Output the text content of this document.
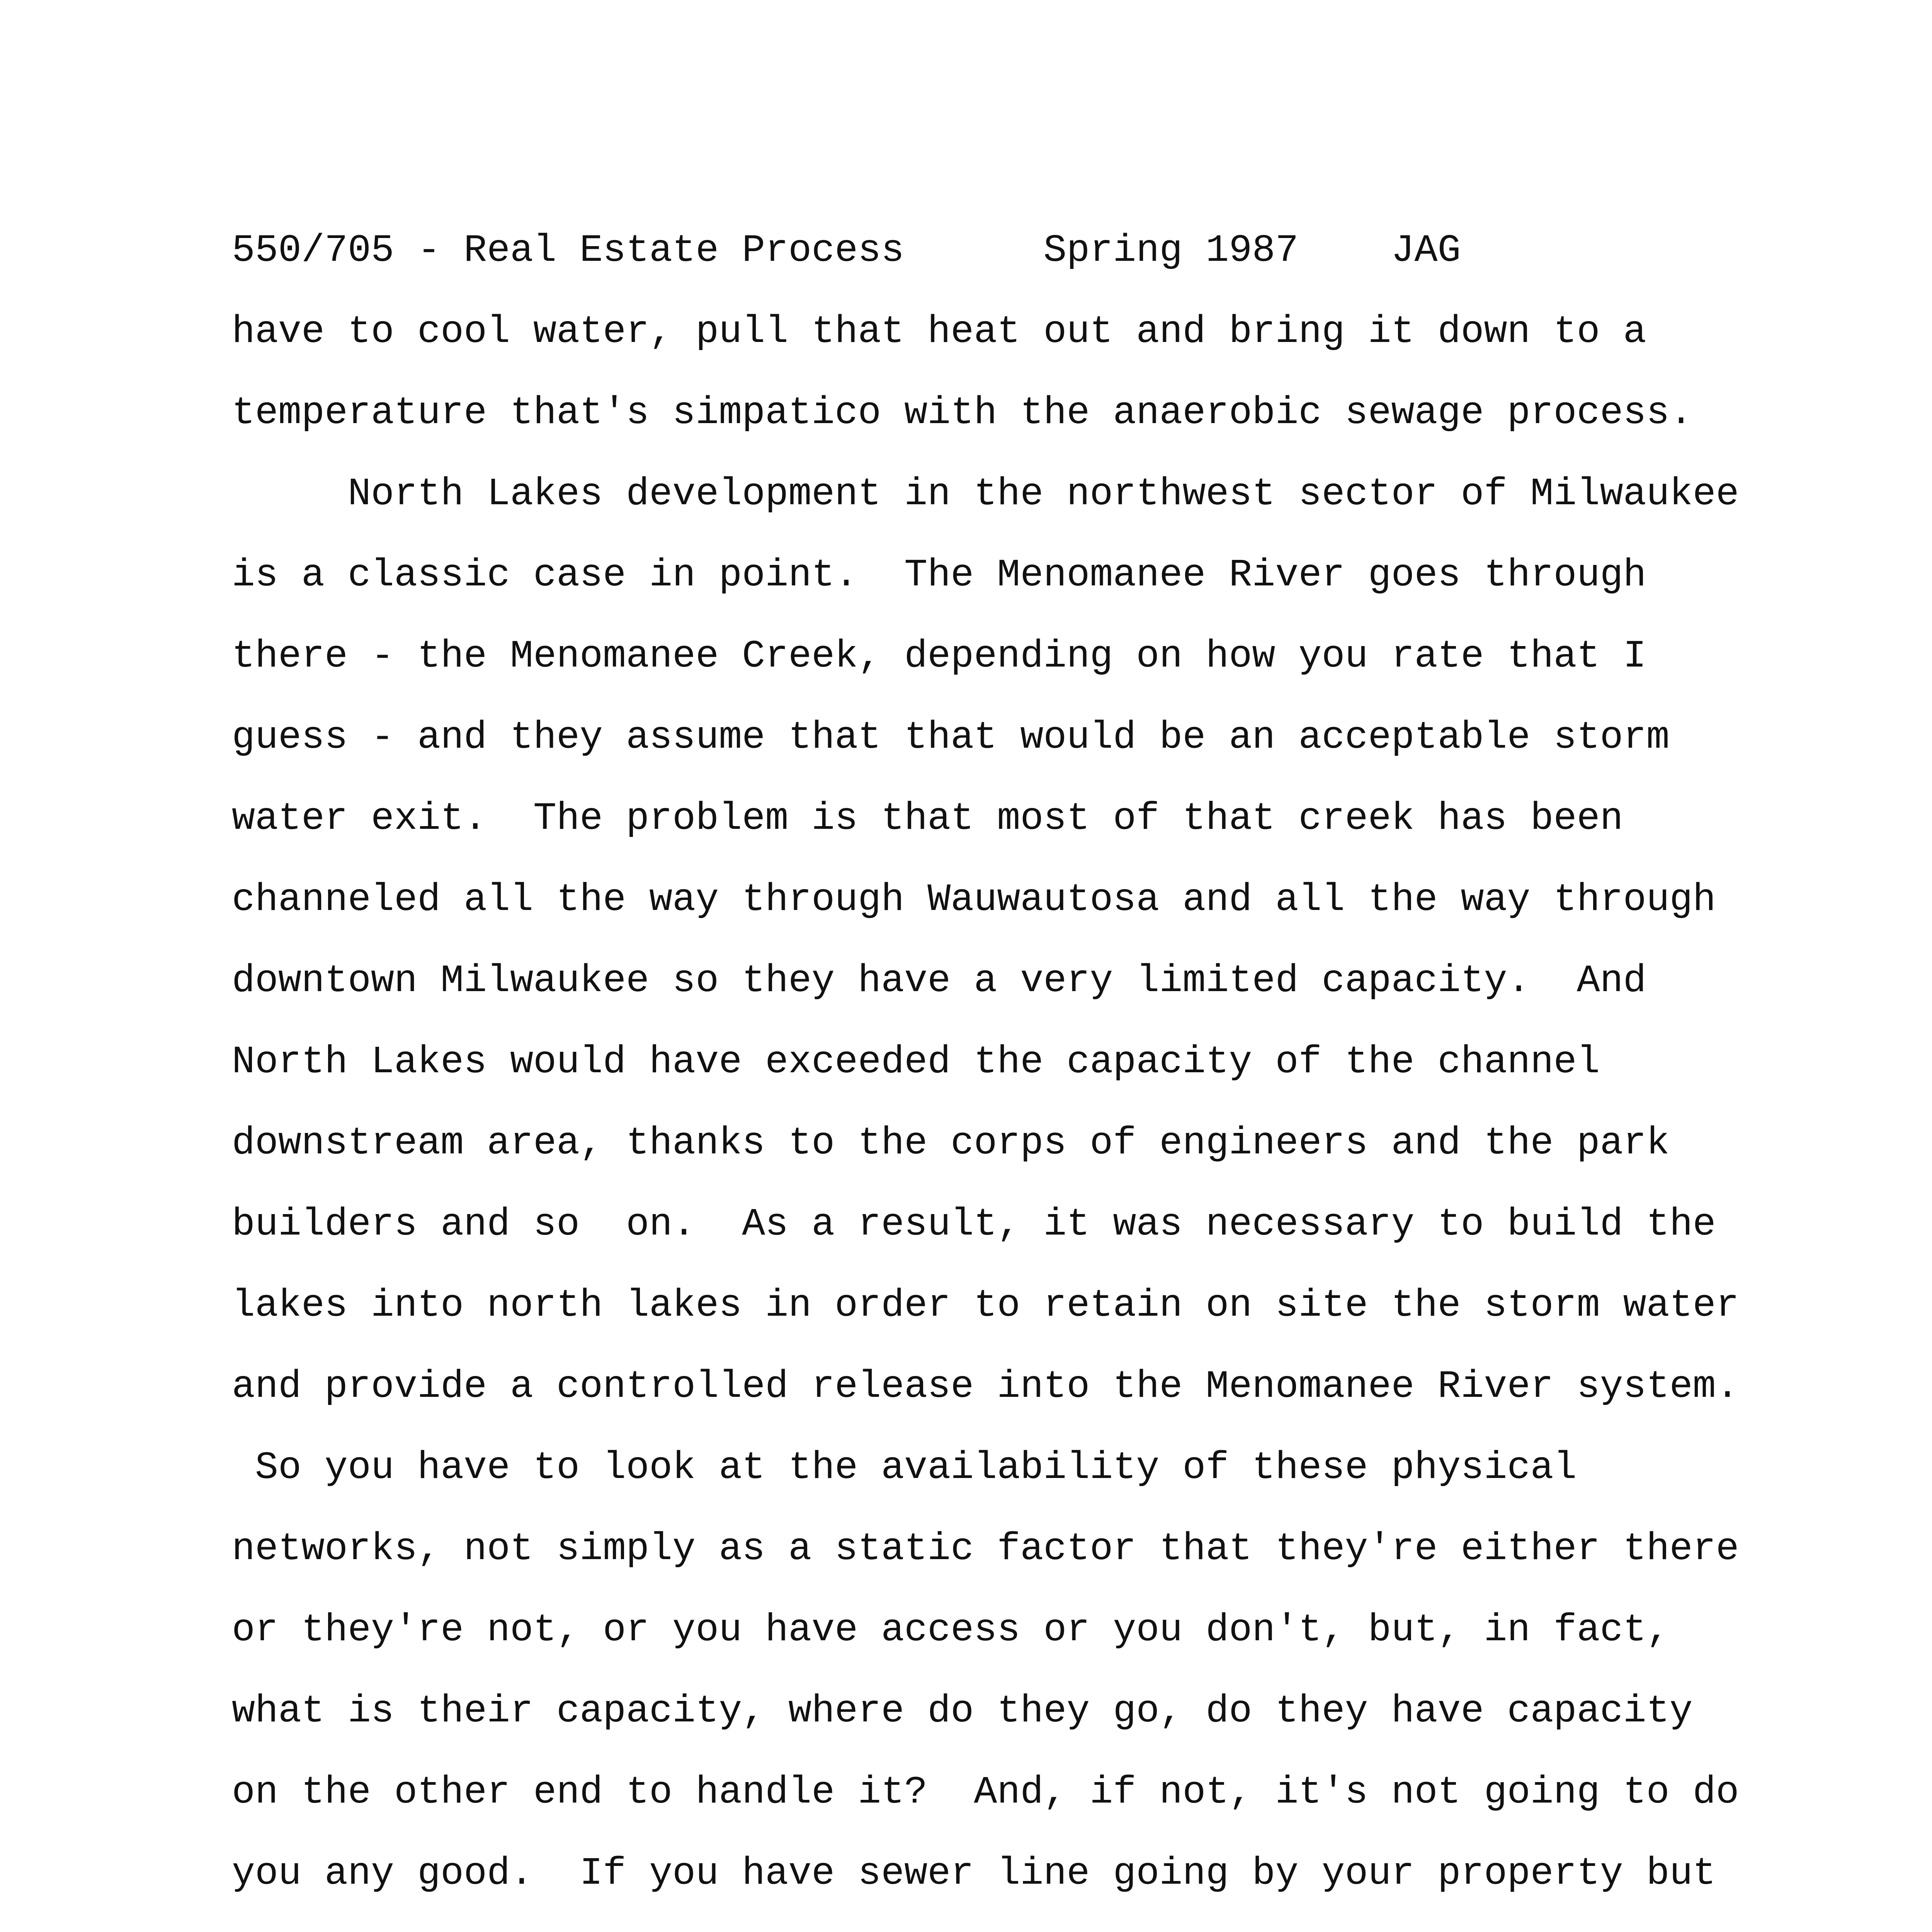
550/705 - Real Estate Process      Spring 1987    JAG
have to cool water, pull that heat out and bring it down to a
temperature that's simpatico with the anaerobic sewage process.
North Lakes development in the northwest sector of Milwaukee
is a classic case in point.  The Menomanee River goes through
there - the Menomanee Creek, depending on how you rate that I
guess - and they assume that that would be an acceptable storm
water exit.  The problem is that most of that creek has been
channeled all the way through Wauwautosa and all the way through
downtown Milwaukee so they have a very limited capacity.  And
North Lakes would have exceeded the capacity of the channel
downstream area, thanks to the corps of engineers and the park
builders and so  on.  As a result, it was necessary to build the
lakes into north lakes in order to retain on site the storm water
and provide a controlled release into the Menomanee River system.
So you have to look at the availability of these physical
networks, not simply as a static factor that they're either there
or they're not, or you have access or you don't, but, in fact,
what is their capacity, where do they go, do they have capacity
on the other end to handle it?  And, if not, it's not going to do
you any good.  If you have sewer line going by your property but
